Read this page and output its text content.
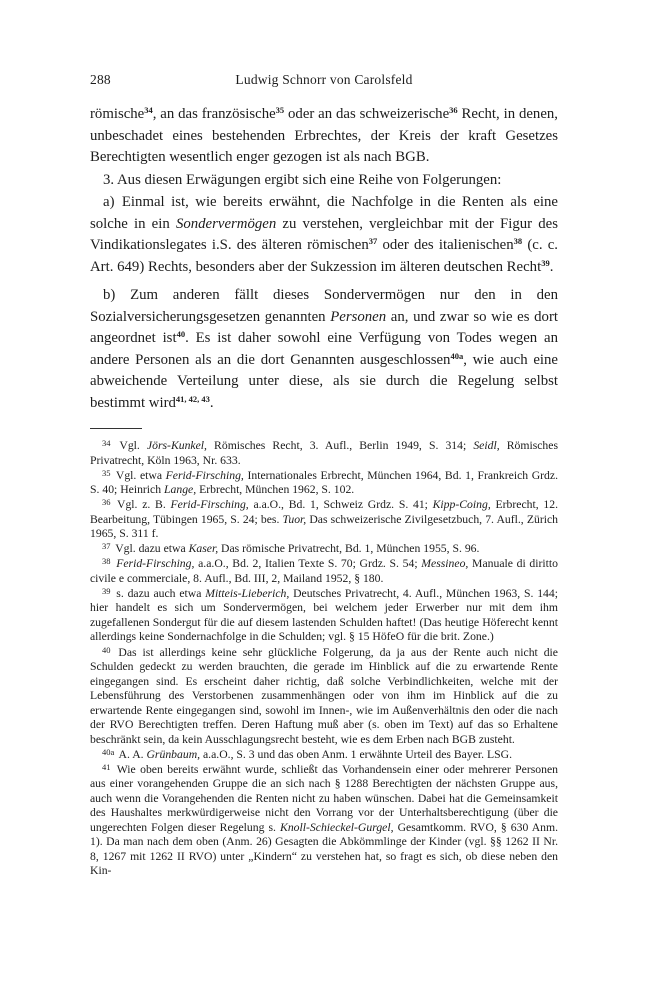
288	Ludwig Schnorr von Carolsfeld

römische$^{34}$, an das französische$^{35}$ oder an das schweizerische$^{36}$ Recht, in denen, unbeschadet eines bestehenden Erbrechtes, der Kreis der kraft Gesetzes Berechtigten wesentlich enger gezogen ist als nach BGB.

3. Aus diesen Erwägungen ergibt sich eine Reihe von Folgerungen:

a) Einmal ist, wie bereits erwähnt, die Nachfolge in die Renten als eine solche in ein Sondervermögen zu verstehen, vergleichbar mit der Figur des Vindikationslegates i.S. des älteren römischen$^{37}$ oder des italienischen$^{38}$ (c. c. Art. 649) Rechts, besonders aber der Sukzession im älteren deutschen Recht$^{39}$.

b) Zum anderen fällt dieses Sondervermögen nur den in den Sozialversicherungsgesetzen genannten Personen an, und zwar so wie es dort angeordnet ist$^{40}$. Es ist daher sowohl eine Verfügung von Todes wegen an andere Personen als an die dort Genannten ausgeschlossen$^{40a}$, wie auch eine abweichende Verteilung unter diese, als sie durch die Regelung selbst bestimmt wird$^{41, 42, 43}$.

$^{34}$ Vgl. Jörs-Kunkel, Römisches Recht, 3. Aufl., Berlin 1949, S. 314; Seidl, Römisches Privatrecht, Köln 1963, Nr. 633.

$^{35}$ Vgl. etwa Ferid-Firsching, Internationales Erbrecht, München 1964, Bd. 1, Frankreich Grdz. S. 40; Heinrich Lange, Erbrecht, München 1962, S. 102.

$^{36}$ Vgl. z. B. Ferid-Firsching, a.a.O., Bd. 1, Schweiz Grdz. S. 41; Kipp-Coing, Erbrecht, 12. Bearbeitung, Tübingen 1965, S. 24; bes. Tuor, Das schweizerische Zivilgesetzbuch, 7. Aufl., Zürich 1965, S. 311 f.

$^{37}$ Vgl. dazu etwa Kaser, Das römische Privatrecht, Bd. 1, München 1955, S. 96.

$^{38}$ Ferid-Firsching, a.a.O., Bd. 2, Italien Texte S. 70; Grdz. S. 54; Messineo, Manuale di diritto civile e commerciale, 8. Aufl., Bd. III, 2, Mailand 1952, § 180.

$^{39}$ s. dazu auch etwa Mitteis-Lieberich, Deutsches Privatrecht, 4. Aufl., München 1963, S. 144; hier handelt es sich um Sondervermögen, bei welchem jeder Erwerber nur mit dem ihm zugefallenen Sondergut für die auf diesem lastenden Schulden haftet! (Das heutige Höferecht kennt allerdings keine Sondernachfolge in die Schulden; vgl. § 15 HöfeO für die brit. Zone.)

$^{40}$ Das ist allerdings keine sehr glückliche Folgerung, da ja aus der Rente auch nicht die Schulden gedeckt zu werden brauchten, die gerade im Hinblick auf die zu erwartende Rente eingegangen sind. Es erscheint daher richtig, daß solche Verbindlichkeiten, welche mit der Lebensführung des Verstorbenen zusammenhängen oder von ihm im Hinblick auf die zu erwartende Rente eingegangen sind, sowohl im Innen-, wie im Außenverhältnis den oder die nach der RVO Berechtigten treffen. Deren Haftung muß aber (s. oben im Text) auf das so Erhaltene beschränkt sein, da kein Ausschlagungsrecht besteht, wie es dem Erben nach BGB zusteht.

$^{40a}$ A. A. Grünbaum, a.a.O., S. 3 und das oben Anm. 1 erwähnte Urteil des Bayer. LSG.

$^{41}$ Wie oben bereits erwähnt wurde, schließt das Vorhandensein einer oder mehrerer Personen aus einer vorangehenden Gruppe die an sich nach § 1288 Berechtigten der nächsten Gruppe aus, auch wenn die Vorangehenden die Renten nicht zu haben wünschen. Dabei hat die Gemeinsamkeit des Haushaltes merkwürdigerweise nicht den Vorrang vor der Unterhaltsberechtigung (über die ungerechten Folgen dieser Regelung s. Knoll-Schieckel-Gurgel, Gesamtkomm. RVO, § 630 Anm. 1). Da man nach dem oben (Anm. 26) Gesagten die Abkömmlinge der Kinder (vgl. §§ 1262 II Nr. 8, 1267 mit 1262 II RVO) unter „Kindern“ zu verstehen hat, so fragt es sich, ob diese neben den Kin-
